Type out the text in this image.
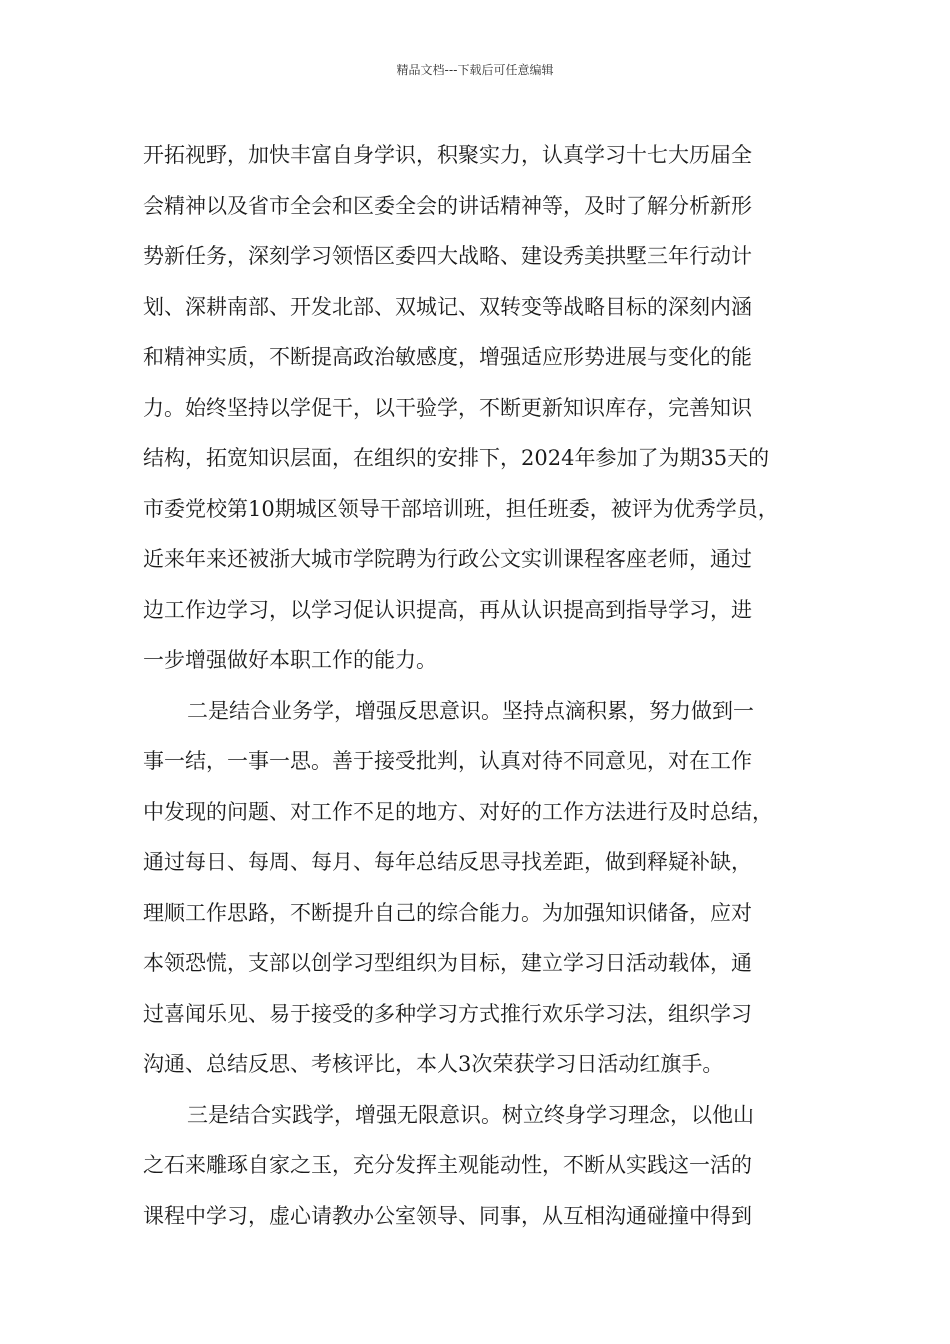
精品文档---下载后可任意编辑
开拓视野，加快丰富自身学识，积聚实力，认真学习十七大历届全
会精神以及省市全会和区委全会的讲话精神等，及时了解分析新形
势新任务，深刻学习领悟区委四大战略、建设秀美拱墅三年行动计
划、深耕南部、开发北部、双城记、双转变等战略目标的深刻内涵
和精神实质，不断提高政治敏感度，增强适应形势进展与变化的能
力。始终坚持以学促干，以干验学，不断更新知识库存，完善知识
结构，拓宽知识层面，在组织的安排下，2024年参加了为期35天的
市委党校第10期城区领导干部培训班，担任班委，被评为优秀学员，
近来年来还被浙大城市学院聘为行政公文实训课程客座老师，通过
边工作边学习，以学习促认识提高，再从认识提高到指导学习，进
一步增强做好本职工作的能力。
二是结合业务学，增强反思意识。坚持点滴积累，努力做到一
事一结，一事一思。善于接受批判，认真对待不同意见，对在工作
中发现的问题、对工作不足的地方、对好的工作方法进行及时总结，
通过每日、每周、每月、每年总结反思寻找差距，做到释疑补缺，
理顺工作思路，不断提升自己的综合能力。为加强知识储备，应对
本领恐慌，支部以创学习型组织为目标，建立学习日活动载体，通
过喜闻乐见、易于接受的多种学习方式推行欢乐学习法，组织学习
沟通、总结反思、考核评比，本人3次荣获学习日活动红旗手。
三是结合实践学，增强无限意识。树立终身学习理念，以他山
之石来雕琢自家之玉，充分发挥主观能动性，不断从实践这一活的
课程中学习，虚心请教办公室领导、同事，从互相沟通碰撞中得到
